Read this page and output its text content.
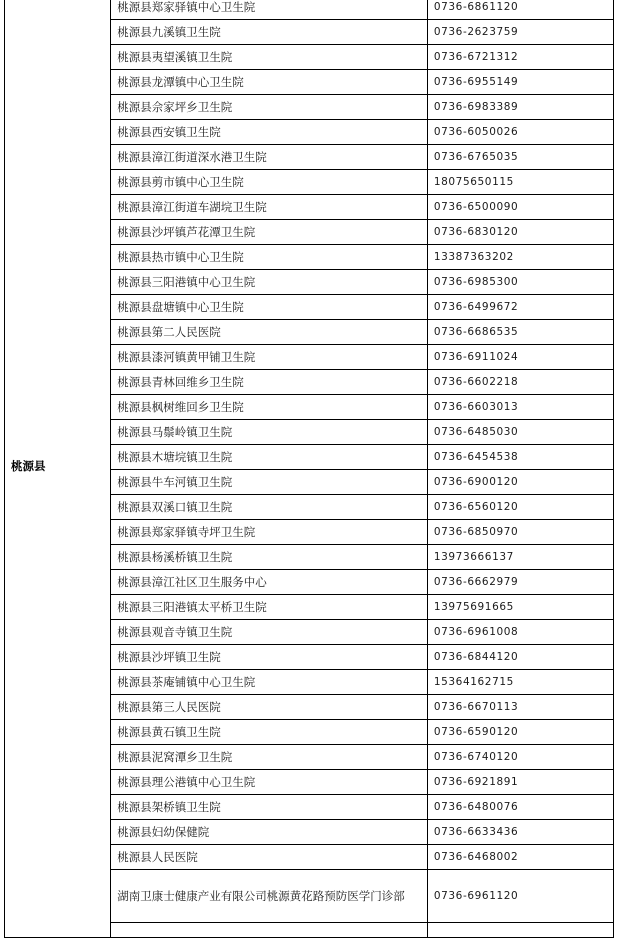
桃源县	桃源县郑家驿镇中心卫生院	0736-6861120
	桃源县九溪镇卫生院	0736-2623759
	桃源县夷望溪镇卫生院	0736-6721312
	桃源县龙潭镇中心卫生院	0736-6955149
	桃源县佘家坪乡卫生院	0736-6983389
	桃源县西安镇卫生院	0736-6050026
	桃源县漳江街道深水港卫生院	0736-6765035
	桃源县剪市镇中心卫生院	18075650115
	桃源县漳江街道车湖垸卫生院	0736-6500090
	桃源县沙坪镇芦花潭卫生院	0736-6830120
	桃源县热市镇中心卫生院	13387363202
	桃源县三阳港镇中心卫生院	0736-6985300
	桃源县盘塘镇中心卫生院	0736-6499672
	桃源县第二人民医院	0736-6686535
	桃源县漆河镇黄甲铺卫生院	0736-6911024
	桃源县青林回维乡卫生院	0736-6602218
	桃源县枫树维回乡卫生院	0736-6603013
	桃源县马鬃岭镇卫生院	0736-6485030
	桃源县木塘垸镇卫生院	0736-6454538
	桃源县牛车河镇卫生院	0736-6900120
	桃源县双溪口镇卫生院	0736-6560120
	桃源县郑家驿镇寺坪卫生院	0736-6850970
	桃源县杨溪桥镇卫生院	13973666137
	桃源县漳江社区卫生服务中心	0736-6662979
	桃源县三阳港镇太平桥卫生院	13975691665
	桃源县观音寺镇卫生院	0736-6961008
	桃源县沙坪镇卫生院	0736-6844120
	桃源县茶庵铺镇中心卫生院	15364162715
	桃源县第三人民医院	0736-6670113
	桃源县黄石镇卫生院	0736-6590120
	桃源县泥窝潭乡卫生院	0736-6740120
	桃源县理公港镇中心卫生院	0736-6921891
	桃源县架桥镇卫生院	0736-6480076
	桃源县妇幼保健院	0736-6633436
	桃源县人民医院	0736-6468002
	湖南卫康士健康产业有限公司桃源黄花路预防医学门诊部	0736-6961120
